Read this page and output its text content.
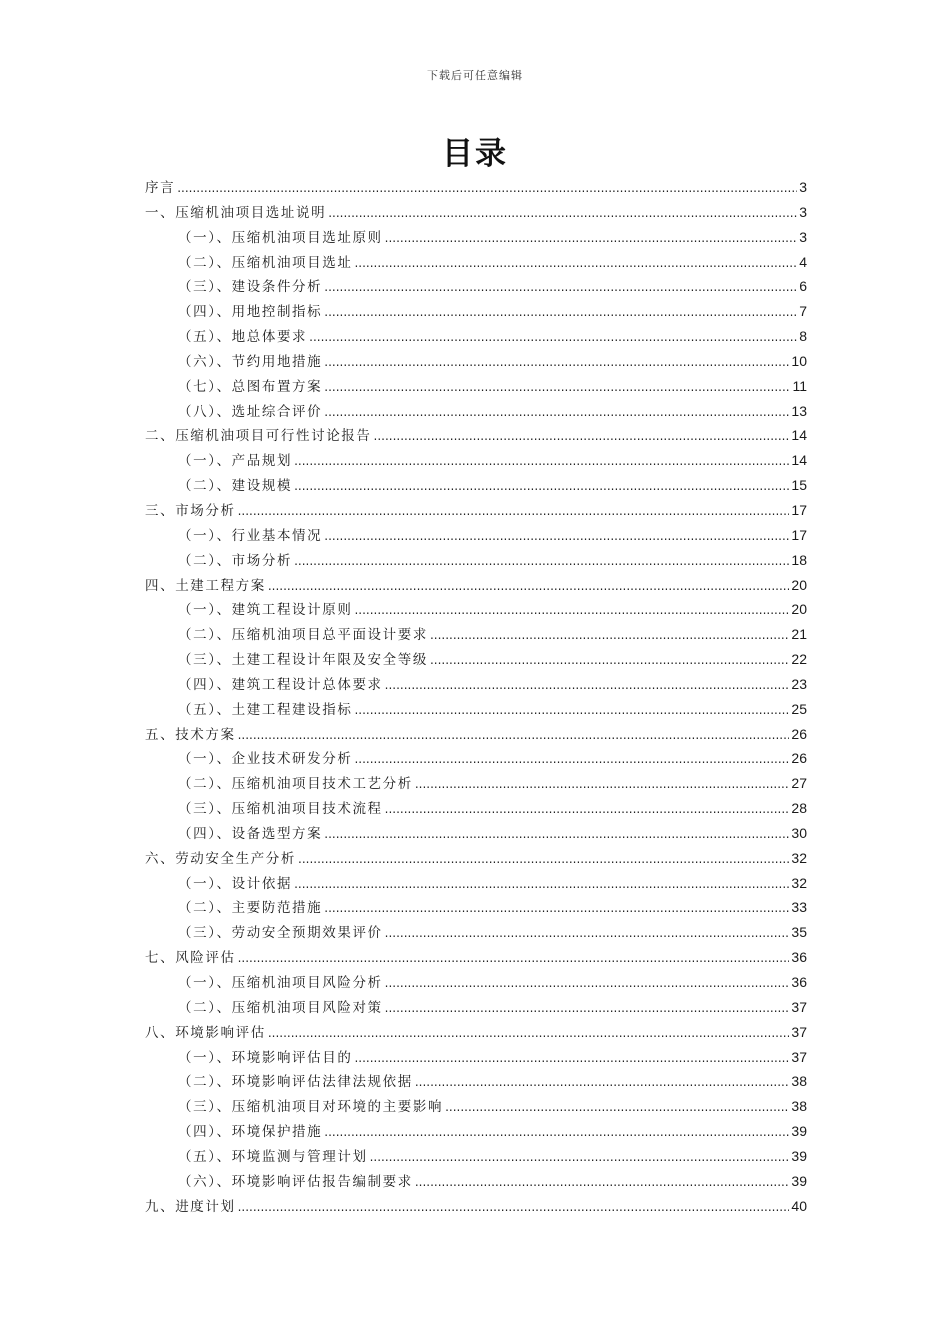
下载后可任意编辑
目录
序言 .....	3
一、压缩机油项目选址说明 .....	3
（一）、压缩机油项目选址原则 .....	3
（二）、压缩机油项目选址 .....	4
（三）、建设条件分析 .....	6
（四）、用地控制指标 .....	7
（五）、地总体要求 .....	8
（六）、节约用地措施 .....	10
（七）、总图布置方案 .....	11
（八）、选址综合评价 .....	13
二、压缩机油项目可行性讨论报告 .....	14
（一）、产品规划 .....	14
（二）、建设规模 .....	15
三、市场分析 .....	17
（一）、行业基本情况 .....	17
（二）、市场分析 .....	18
四、土建工程方案 .....	20
（一）、建筑工程设计原则 .....	20
（二）、压缩机油项目总平面设计要求 .....	21
（三）、土建工程设计年限及安全等级 .....	22
（四）、建筑工程设计总体要求 .....	23
（五）、土建工程建设指标 .....	25
五、技术方案 .....	26
（一）、企业技术研发分析 .....	26
（二）、压缩机油项目技术工艺分析 .....	27
（三）、压缩机油项目技术流程 .....	28
（四）、设备选型方案 .....	30
六、劳动安全生产分析 .....	32
（一）、设计依据 .....	32
（二）、主要防范措施 .....	33
（三）、劳动安全预期效果评价 .....	35
七、风险评估 .....	36
（一）、压缩机油项目风险分析 .....	36
（二）、压缩机油项目风险对策 .....	37
八、环境影响评估 .....	37
（一）、环境影响评估目的 .....	37
（二）、环境影响评估法律法规依据 .....	38
（三）、压缩机油项目对环境的主要影响 .....	38
（四）、环境保护措施 .....	39
（五）、环境监测与管理计划 .....	39
（六）、环境影响评估报告编制要求 .....	39
九、进度计划 .....	40
